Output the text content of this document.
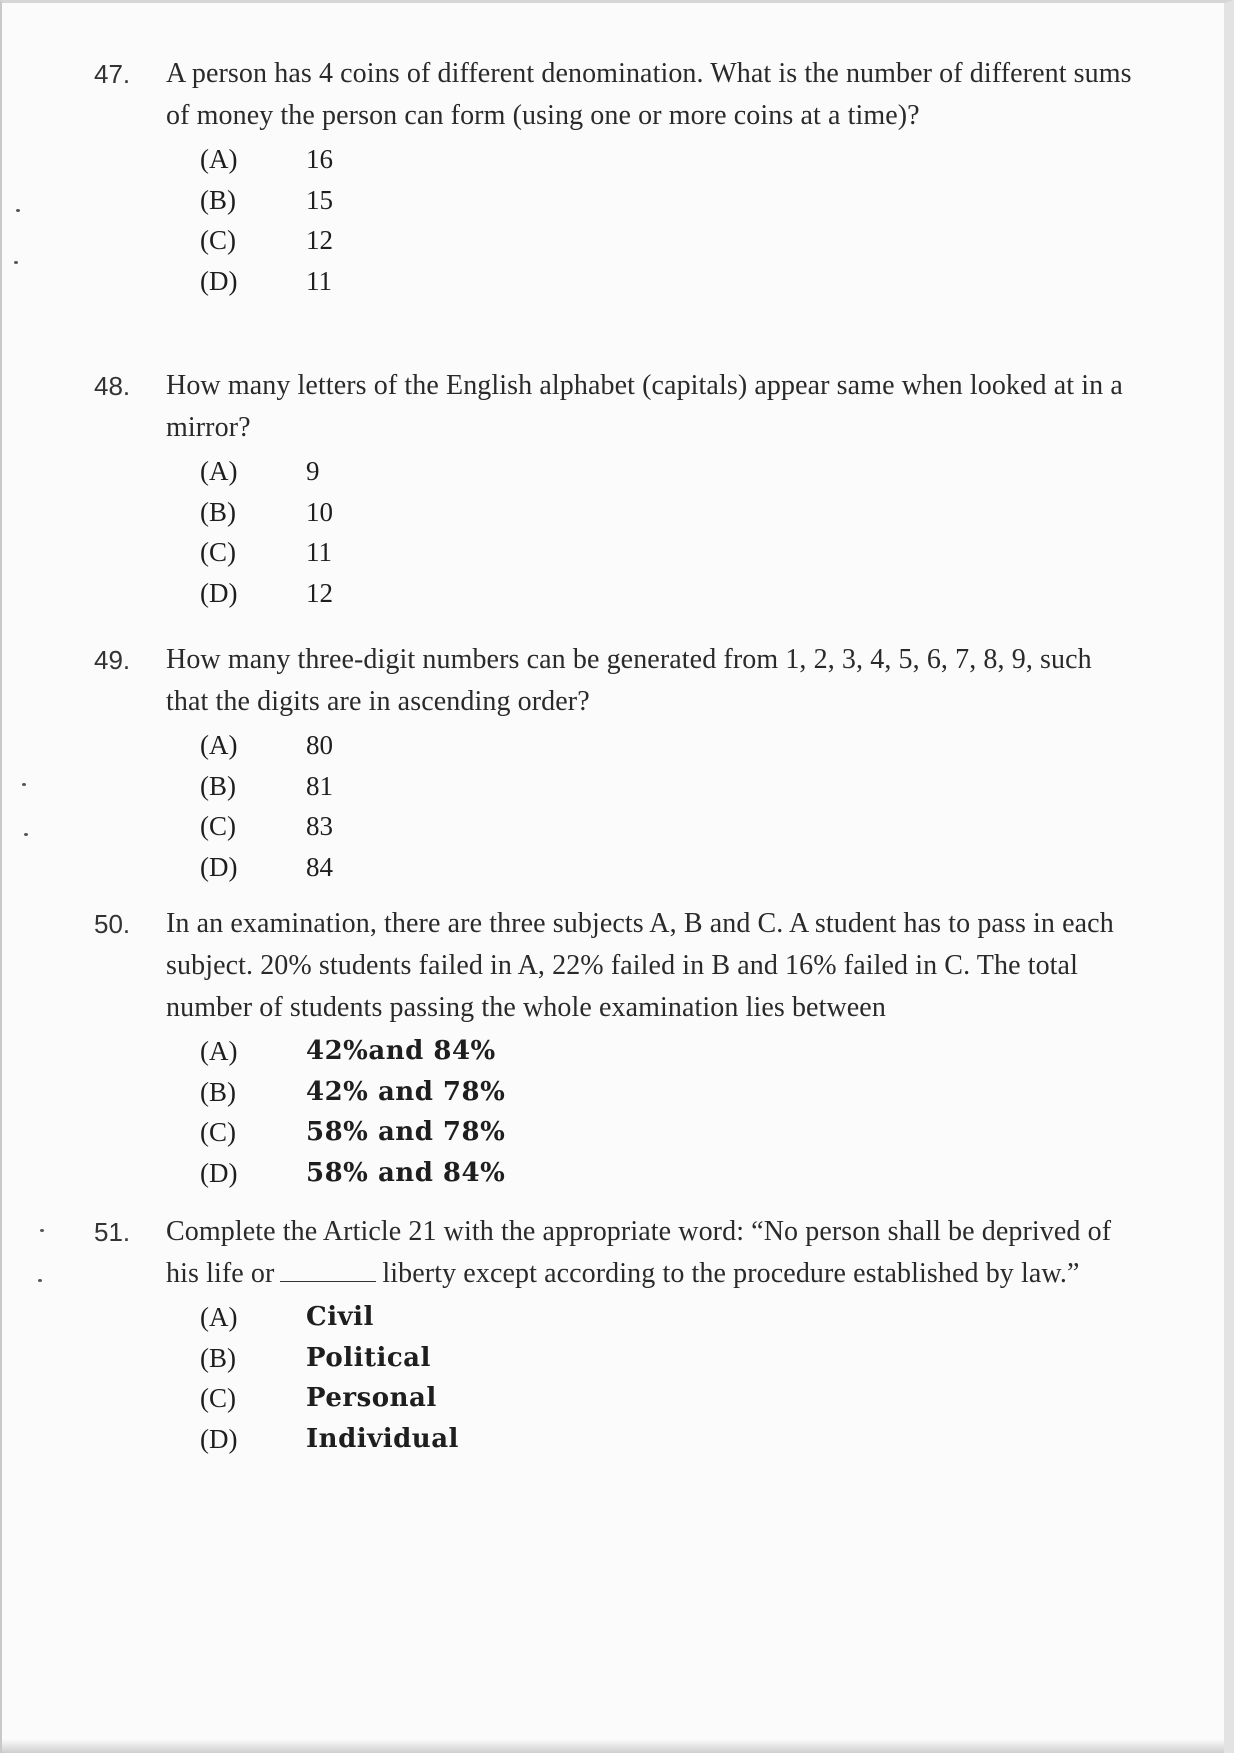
47.	A person has 4 coins of different denomination. What is the number of different sums of money the person can form (using one or more coins at a time)?
(A)	16
(B)	15
(C)	12
(D)	11
48.	How many letters of the English alphabet (capitals) appear same when looked at in a mirror?
(A)	9
(B)	10
(C)	11
(D)	12
49.	How many three-digit numbers can be generated from 1, 2, 3, 4, 5, 6, 7, 8, 9, such that the digits are in ascending order?
(A)	80
(B)	81
(C)	83
(D)	84
50.	In an examination, there are three subjects A, B and C. A student has to pass in each subject. 20% students failed in A, 22% failed in B and 16% failed in C. The total number of students passing the whole examination lies between
(A)	42%and 84%
(B)	42% and 78%
(C)	58% and 78%
(D)	58% and 84%
51.	Complete the Article 21 with the appropriate word: “No person shall be deprived of his life or	liberty except according to the procedure established by law.”
(A)	Civil
(B)	Political
(C)	Personal
(D)	Individual
